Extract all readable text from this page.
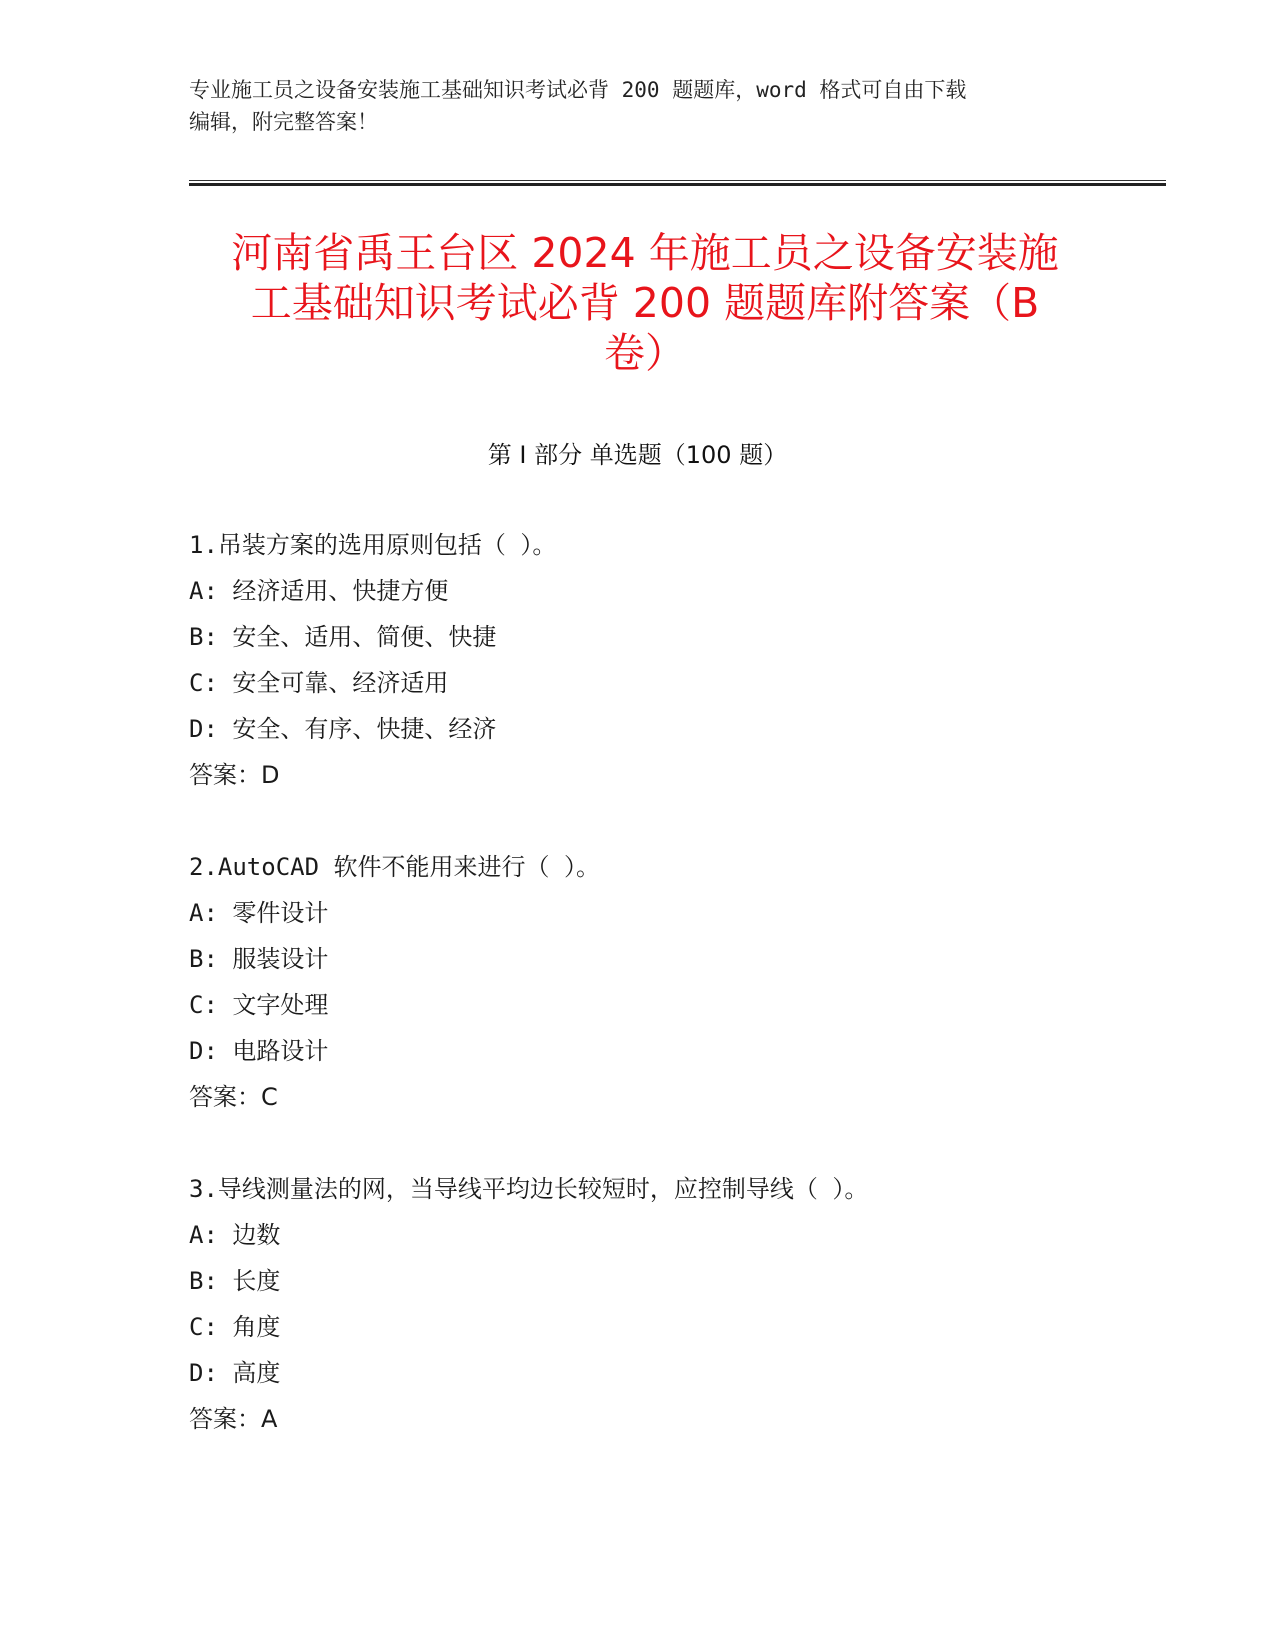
专业施工员之设备安装施工基础知识考试必背 200 题题库，word 格式可自由下载
编辑，附完整答案！
河南省禹王台区 2024 年施工员之设备安装施
工基础知识考试必背 200 题题库附答案（B
卷）
第 I 部分 单选题（100 题）
1.吊装方案的选用原则包括（ ）。
A: 经济适用、快捷方便
B: 安全、适用、简便、快捷
C: 安全可靠、经济适用
D: 安全、有序、快捷、经济
答案：D
2.AutoCAD 软件不能用来进行（ ）。
A: 零件设计
B: 服装设计
C: 文字处理
D: 电路设计
答案：C
3.导线测量法的网，当导线平均边长较短时，应控制导线（ ）。
A: 边数
B: 长度
C: 角度
D: 高度
答案：A
